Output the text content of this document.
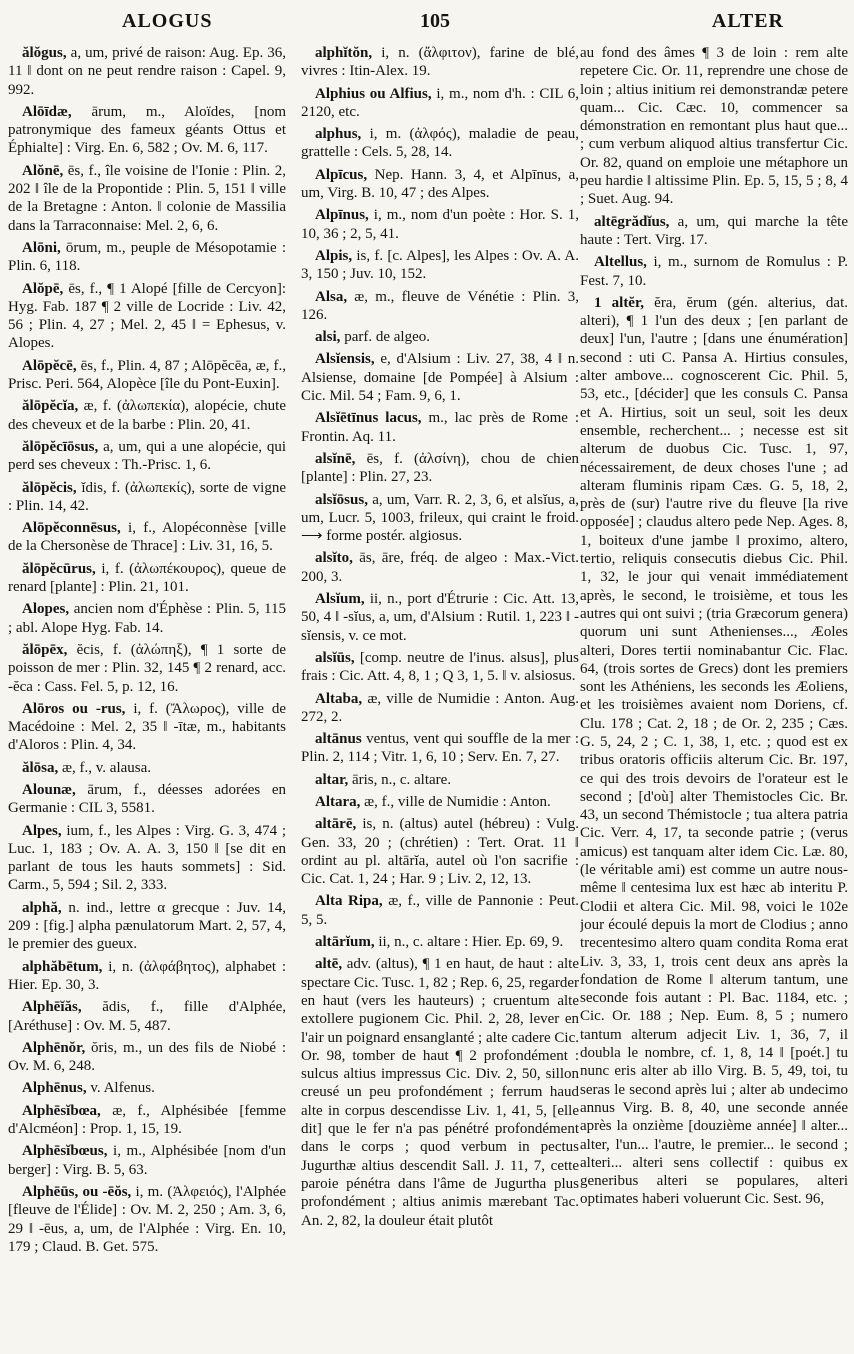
ALOGUS	105	ALTER

ălŏgus, a, um, privé de raison: Aug. Ep. 36, 11 ‖ dont on ne peut rendre raison : Capel. 9, 992.

Alōīdæ, ārum, m., Aloïdes, [nom patronymique des fameux géants Ottus et Éphialte] : Virg. En. 6, 582 ; Ov. M. 6, 117.

Alŏnē, ēs, f., île voisine de l'Ionie : Plin. 2, 202 ‖ île de la Propontide : Plin. 5, 151 ‖ ville de la Bretagne : Anton. ‖ colonie de Massilia dans la Tarraconnaise: Mel. 2, 6, 6.

Alōni, ōrum, m., peuple de Mésopotamie : Plin. 6, 118.

Alŏpē, ēs, f., ¶ 1 Alopé [fille de Cercyon]: Hyg. Fab. 187 ¶ 2 ville de Locride : Liv. 42, 56 ; Plin. 4, 27 ; Mel. 2, 45 ‖ = Ephesus, v. Alopes.

Alōpĕcē, ēs, f., Plin. 4, 87 ; Alōpĕcēa, æ, f., Prisc. Peri. 564, Alopèce [île du Pont-Euxin].

ălōpĕcĭa, æ, f. (ἀλωπεκία), alopécie, chute des cheveux et de la barbe : Plin. 20, 41.

ălōpĕcīōsus, a, um, qui a une alopécie, qui perd ses cheveux : Th.-Prisc. 1, 6.

ălōpĕcis, ĭdis, f. (ἀλωπεκίς), sorte de vigne : Plin. 14, 42.

Alōpĕconnēsus, i, f., Alopéconnèse [ville de la Chersonèse de Thrace] : Liv. 31, 16, 5.

ălōpĕcūrus, i, f. (ἀλωπέκουρος), queue de renard [plante] : Plin. 21, 101.

Alopes, ancien nom d'Éphèse : Plin. 5, 115 ; abl. Alope Hyg. Fab. 14.

ălōpēx, ĕcis, f. (ἀλώπηξ), ¶ 1 sorte de poisson de mer : Plin. 32, 145 ¶ 2 renard, acc. -ĕca : Cass. Fel. 5, p. 12, 16.

Alōros ou -rus, i, f. (Ἄλωρος), ville de Macédoine : Mel. 2, 35 ‖ -ītæ, m., habitants d'Aloros : Plin. 4, 34.

ălōsa, æ, f., v. alausa.

Alounæ, ārum, f., déesses adorées en Germanie : CIL 3, 5581.

Alpes, ium, f., les Alpes : Virg. G. 3, 474 ; Luc. 1, 183 ; Ov. A. A. 3, 150 ‖ [se dit en parlant de tous les hauts sommets] : Sid. Carm., 5, 594 ; Sil. 2, 333.

alphă, n. ind., lettre α grecque : Juv. 14, 209 : [fig.] alpha pænulatorum Mart. 2, 57, 4, le premier des gueux.

alphăbētum, i, n. (ἀλφάβητος), alphabet : Hier. Ep. 30, 3.

Alphēĭăs, ădis, f., fille d'Alphée, [Aréthuse] : Ov. M. 5, 487.

Alphēnŏr, ŏris, m., un des fils de Niobé : Ov. M. 6, 248.

Alphēnus, v. Alfenus.

Alphēsĭbœa, æ, f., Alphésibée [femme d'Alcméon] : Prop. 1, 15, 19.

Alphēsĭbœus, i, m., Alphésibée [nom d'un berger] : Virg. B. 5, 63.

Alphēūs, ou -ēŏs, i, m. (Ἀλφειός), l'Alphée [fleuve de l'Élide] : Ov. M. 2, 250 ; Am. 3, 6, 29 ‖ -ēus, a, um, de l'Alphée : Virg. En. 10, 179 ; Claud. B. Get. 575.

alphĭtŏn, i, n. (ἄλφιτον), farine de blé, vivres : Itin-Alex. 19.

Alphius ou Alfius, i, m., nom d'h. : CIL 6, 2120, etc.

alphus, i, m. (ἀλφός), maladie de peau, grattelle : Cels. 5, 28, 14.

Alpīcus, Nep. Hann. 3, 4, et Alpīnus, a, um, Virg. B. 10, 47 ; des Alpes.

Alpīnus, i, m., nom d'un poète : Hor. S. 1, 10, 36 ; 2, 5, 41.

Alpis, is, f. [c. Alpes], les Alpes : Ov. A. A. 3, 150 ; Juv. 10, 152.

Alsa, æ, m., fleuve de Vénétie : Plin. 3, 126.

alsi, parf. de algeo.

Alsĭensis, e, d'Alsium : Liv. 27, 38, 4 ‖ n. Alsiense, domaine [de Pompée] à Alsium : Cic. Mil. 54 ; Fam. 9, 6, 1.

Alsĭētīnus lacus, m., lac près de Rome : Frontin. Aq. 11.

alsĭnē, ēs, f. (ἀλσίνη), chou de chien [plante] : Plin. 27, 23.

alsĭōsus, a, um, Varr. R. 2, 3, 6, et alsĭus, a, um, Lucr. 5, 1003, frileux, qui craint le froid. ⟶ forme postér. algiosus.

alsĭto, ās, āre, fréq. de algeo : Max.-Vict. 200, 3.

Alsĭum, ii, n., port d'Étrurie : Cic. Att. 13, 50, 4 ‖ -sĭus, a, um, d'Alsium : Rutil. 1, 223 ‖ -sĭensis, v. ce mot.

alsĭūs, [comp. neutre de l'inus. alsus], plus frais : Cic. Att. 4, 8, 1 ; Q 3, 1, 5. ‖ v. alsiosus.

Altaba, æ, ville de Numidie : Anton. Aug. 272, 2.

altānus ventus, vent qui souffle de la mer : Plin. 2, 114 ; Vitr. 1, 6, 10 ; Serv. En. 7, 27.

altar, āris, n., c. altare.

Altara, æ, f., ville de Numidie : Anton.

altārē, is, n. (altus) autel (hébreu) : Vulg. Gen. 33, 20 ; (chrétien) : Tert. Orat. 11 ‖ ordint au pl. altārĭa, autel où l'on sacrifie : Cic. Cat. 1, 24 ; Har. 9 ; Liv. 2, 12, 13.

Alta Ripa, æ, f., ville de Pannonie : Peut. 5, 5.

altārĭum, ii, n., c. altare : Hier. Ep. 69, 9.

altē, adv. (altus), ¶ 1 en haut, de haut : alte spectare Cic. Tusc. 1, 82 ; Rep. 6, 25, regarder en haut (vers les hauteurs) ; cruentum alte extollere pugionem Cic. Phil. 2, 28, lever en l'air un poignard ensanglanté ; alte cadere Cic. Or. 98, tomber de haut ¶ 2 profondément : sulcus altius impressus Cic. Div. 2, 50, sillon creusé un peu profondément ; ferrum haud alte in corpus descendisse Liv. 1, 41, 5, [elle dit] que le fer n'a pas pénétré profondément dans le corps ; quod verbum in pectus Jugurthæ altius descendit Sall. J. 11, 7, cette paroie pénétra dans l'âme de Jugurtha plus profondément ; altius animis mærebant Tac. An. 2, 82, la douleur était plutôt

au fond des âmes ¶ 3 de loin : rem alte repetere Cic. Or. 11, reprendre une chose de loin ; altius initium rei demonstrandæ petere quam... Cic. Cæc. 10, commencer sa démonstration en remontant plus haut que... ; cum verbum aliquod altius transfertur Cic. Or. 82, quand on emploie une métaphore un peu hardie ‖ altissime Plin. Ep. 5, 15, 5 ; 8, 4 ; Suet. Aug. 94.

altēgrădĭus, a, um, qui marche la tête haute : Tert. Virg. 17.

Altellus, i, m., surnom de Romulus : P. Fest. 7, 10.

1 altĕr, ĕra, ĕrum (gén. alterius, dat. alteri), ¶ 1 l'un des deux ; [en parlant de deux] l'un, l'autre ; [dans une énumération] second : uti C. Pansa A. Hirtius consules, alter ambove... cognoscerent Cic. Phil. 5, 53, etc., [décider] que les consuls C. Pansa et A. Hirtius, soit un seul, soit les deux ensemble, recherchent... ; necesse est sit alterum de duobus Cic. Tusc. 1, 97, nécessairement, de deux choses l'une ; ad alteram fluminis ripam Cæs. G. 5, 18, 2, près de (sur) l'autre rive du fleuve [la rive opposée] ; claudus altero pede Nep. Ages. 8, 1, boiteux d'une jambe ‖ proximo, altero, tertio, reliquis consecutis diebus Cic. Phil. 1, 32, le jour qui venait immédiatement après, le second, le troisième, et tous les autres qui ont suivi ; (tria Græcorum genera) quorum uni sunt Athenienses..., Æoles alteri, Dores tertii nominabantur Cic. Flac. 64, (trois sortes de Grecs) dont les premiers sont les Athéniens, les seconds les Æoliens, et les troisièmes avaient nom Doriens, cf. Clu. 178 ; Cat. 2, 18 ; de Or. 2, 235 ; Cæs. G. 5, 24, 2 ; C. 1, 38, 1, etc. ; quod est ex tribus oratoris officiis alterum Cic. Br. 197, ce qui des trois devoirs de l'orateur est le second ; [d'où] alter Themistocles Cic. Br. 43, un second Thémistocle ; tua altera patria Cic. Verr. 4, 17, ta seconde patrie ; (verus amicus) est tanquam alter idem Cic. Læ. 80, (le véritable ami) est comme un autre nous-même ‖ centesima lux est hæc ab interitu P. Clodii et altera Cic. Mil. 98, voici le 102e jour écoulé depuis la mort de Clodius ; anno trecentesimo altero quam condita Roma erat Liv. 3, 33, 1, trois cent deux ans après la fondation de Rome ‖ alterum tantum, une seconde fois autant : Pl. Bac. 1184, etc. ; Cic. Or. 188 ; Nep. Eum. 8, 5 ; numero tantum alterum adjecit Liv. 1, 36, 7, il doubla le nombre, cf. 1, 8, 14 ‖ [poét.] tu nunc eris alter ab illo Virg. B. 5, 49, toi, tu seras le second après lui ; alter ab undecimo annus Virg. B. 8, 40, une seconde année après la onzième [douzième année] ‖ alter... alter, l'un... l'autre, le premier... le second ; alteri... alteri sens collectif : quibus ex generibus alteri se populares, alteri optimates haberi voluerunt Cic. Sest. 96,
